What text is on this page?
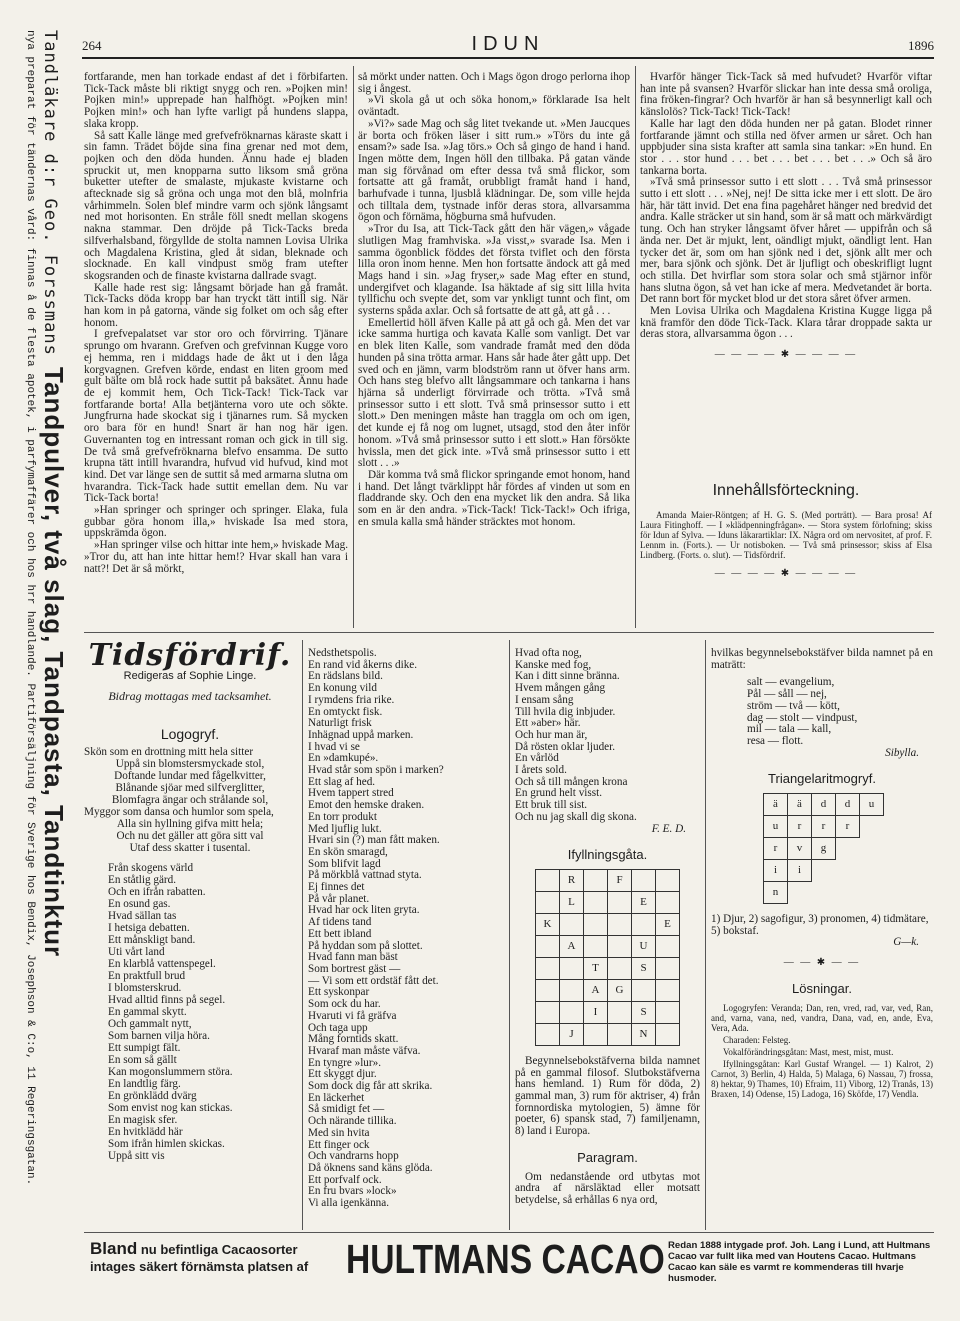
Tandläkare d:r Geo. Forssmans Tandpulver, två slag, Tandpasta, Tandtinktur
nya preparat för tändernas vård: finnas å de flesta apotek, i parfymaffärer och hos hrr handlande. Partiförsäljning för Sverige hos Bendix, Josephson & C:o, 11 Regeringsgatan.	264	IDUN	1896

fortfarande, men han torkade endast af det i förbifarten. Tick-Tack måste bli riktigt snygg och ren. »Pojken min! Pojken min!» upprepade han halfhögt. »Pojken min! Pojken min!» och han lyfte varligt på hundens slappa, slaka kropp.

Så satt Kalle länge med grefvefröknarnas käraste skatt i sin famn. Trädet böjde sina fina grenar ned mot dem, pojken och den döda hunden. Ännu hade ej bladen spruckit ut, men knopparna sutto liksom små gröna buketter utefter de smalaste, mjukaste kvistarne och aftecknade sig så gröna och unga mot den blå, molnfria vårhimmeln. Solen blef mindre varm och sjönk långsamt ned mot horisonten. En stråle föll snedt mellan skogens nakna stammar. Den dröjde på Tick-Tacks breda silfverhalsband, förgyllde de stolta namnen Lovisa Ulrika och Magdalena Kristina, gled åt sidan, bleknade och slocknade. En kall vindpust smög fram utefter skogsranden och de finaste kvistarna dallrade svagt.

Kalle hade rest sig: långsamt började han gå framåt. Tick-Tacks döda kropp bar han tryckt tätt intill sig. När han kom in på gatorna, vände sig folket om och såg efter honom.

I grefvepalatset var stor oro och förvirring. Tjänare sprungo om hvarann. Grefven och grefvinnan Kugge voro ej hemma, ren i middags hade de åkt ut i den låga korgvagnen. Grefven körde, endast en liten groom med gult bälte om blå rock hade suttit på baksätet. Ännu hade de ej kommit hem, Och Tick-Tack! Tick-Tack var fortfarande borta! Alla betjänterna voro ute och sökte. Jungfrurna hade skockat sig i tjänarnes rum. Så mycken oro bara för en hund! Snart är han nog här igen. Guvernanten tog en intressant roman och gick in till sig. De två små grefvefröknarna blefvo ensamma. De sutto krupna tätt intill hvarandra, hufvud vid hufvud, kind mot kind. Det var länge sen de suttit så med armarna slutna om hvarandra. Tick-Tack hade suttit emellan dem. Nu var Tick-Tack borta!

»Han springer och springer och springer. Elaka, fula gubbar göra honom illa,» hviskade Isa med stora, uppskrämda ögon.

»Han springer vilse och hittar inte hem,» hviskade Mag. »Tror du, att han inte hittar hem!? Hvar skall han vara i natt?! Det är så mörkt,

så mörkt under natten. Och i Mags ögon drogo perlorna ihop sig i ångest.

»Vi skola gå ut och söka honom,» förklarade Isa helt oväntadt.

»Vi?» sade Mag och såg litet tvekande ut. »Men Jaucques är borta och fröken läser i sitt rum.» »Törs du inte gå ensam?» sade Isa. »Jag törs.» Och så gingo de hand i hand. Ingen mötte dem, Ingen höll den tillbaka. På gatan vände man sig förvånad om efter dessa två små flickor, som fortsatte att gå framåt, orubbligt framåt hand i hand, barhufvade i tunna, ljusblå klädningar. De, som ville hejda och tilltala dem, tystnade inför deras stora, allvarsamma ögon och förnäma, högburna små hufvuden.

»Tror du Isa, att Tick-Tack gått den här vägen,» vågade slutligen Mag framhviska. »Ja visst,» svarade Isa. Men i samma ögonblick föddes det första tviflet och den första lilla oron inom henne. Men hon fortsatte ändock att gå med Mags hand i sin. »Jag fryser,» sade Mag efter en stund, undergifvet och klagande. Isa häktade af sig sitt lilla hvita tyllfichu och svepte det, som var ynkligt tunnt och fint, om systerns spåda axlar. Och så fortsatte de att gå, att gå . . .

Emellertid höll äfven Kalle på att gå och gå. Men det var icke samma hurtiga och kavata Kalle som vanligt. Det var en blek liten Kalle, som vandrade framåt med den döda hunden på sina trötta armar. Hans sår hade åter gått upp. Det sved och en jämn, varm blodström rann ut öfver hans arm. Och hans steg blefvo allt långsammare och tankarna i hans hjärna så underligt förvirrade och trötta. »Två små prinsessor sutto i ett slott. Två små prinsessor sutto i ett slott.» Den meningen måste han traggla om och om igen, det kunde ej få nog om lugnet, utsagd, stod den åter inför honom. »Två små prinsessor sutto i ett slott.» Han försökte hvissla, men det gick inte. »Två små prinsessor sutto i ett slott . . .»

Där komma två små flickor springande emot honom, hand i hand. Det långt tvärklippt hår fördes af vinden ut som en fladdrande sky. Och den ena mycket lik den andra. Så lika som en är den andra. »Tick-Tack! Tick-Tack!» Och ifriga, en smula kalla små händer sträcktes mot honom.

Hvarför hänger Tick-Tack så med hufvudet? Hvarför viftar han inte på svansen? Hvarför slickar han inte dessa små oroliga, fina fröken-fingrar? Och hvarför är han så besynnerligt kall och känslolös? Tick-Tack! Tick-Tack!

Kalle har lagt den döda hunden ner på gatan. Blodet rinner fortfarande jämnt och stilla ned öfver armen ur såret. Och han uppbjuder sina sista krafter att samla sina tankar: »En hund. En stor . . . stor hund . . . bet . . . bet . . . bet . . .» Och så äro tankarna borta.

»Två små prinsessor sutto i ett slott . . . Två små prinsessor sutto i ett slott . . . »Nej, nej! De sitta icke mer i ett slott. De äro här, här tätt invid. Det ena fina pagehåret hänger ned bredvid det andra. Kalle sträcker ut sin hand, som är så matt och märkvärdigt tung. Och han stryker långsamt öfver håret — uppifrån och så ända ner. Det är mjukt, lent, oändligt mjukt, oändligt lent. Han tycker det är, som om han sjönk ned i det, sjönk allt mer och mer, bara sjönk och sjönk. Det är ljufligt och obeskrifligt lugnt och stilla. Det hvirflar som stora solar och små stjärnor inför hans slutna ögon, så vet han icke af mera. Medvetandet är borta. Det rann bort för mycket blod ur det stora såret öfver armen.

Men Lovisa Ulrika och Magdalena Kristina Kugge ligga på knä framför den döde Tick-Tack. Klara tårar droppade sakta ur deras stora, allvarsamma ögon . . .

— — — — ✱ — — — —
Innehållsförteckning.
Amanda Maier-Röntgen; af H. G. S. (Med porträtt). — Bara prosa! Af Laura Fitinghoff. — I »klädpenningfrågan». — Stora system förlofning; skiss för Idun af Sylva. — Iduns läkarartiklar: IX. Några ord om nervositet, af prof. F. Lennm in. (Forts.). — Ur notisboken. — Två små prinsessor; skiss af Elsa Lindberg. (Forts. o. slut). — Tidsfördrif.
— — — — ✱ — — — —
Tidsfördrif.
Redigeras af Sophie Linge.
Bidrag mottagas med tacksamhet.
Logogryf.
Skön som en drottning mitt hela sitter
Uppå sin blomstersmyckade stol,
Doftande lundar med fågelkvitter,
Blånande sjöar med silfverglitter,
Blomfagra ängar och strålande sol,
Myggor som dansa och humlor som spela,
Alla sin hyllning gifva mitt hela;
Och nu det gäller att göra sitt val
Utaf dess skatter i tusental.
Från skogens värld
En ståtlig gärd.
Och en ifrån rabatten.
En osund gas.
Hvad sällan tas
I hetsiga debatten.
Ett månskligt band.
Uti vårt land
En klarblå vattenspegel.
En praktfull brud
I blomsterskrud.
Hvad alltid finns på segel.
En gammal skytt.
Och gammalt nytt,
Som barnen vilja höra.
Ett sumpigt fält.
En som så gällt
Kan mogonslummern störa.
En landtlig färg.
En grönklädd dvärg
Som envist nog kan stickas.
En magisk sfer.
En hvitklädd här
Som ifrån himlen skickas.
Uppå sitt vis
Nedsthetspolis.
En rand vid åkerns dike.
En rädslans bild.
En konung vild
I rymdens fria rike.
En omtyckt fisk.
Naturligt frisk
Inhägnad uppå marken.
I hvad vi se
En »damkupé».
Hvad står som spön i marken?
Ett slag af hed.
Hvem tappert stred
Emot den hemske draken.
En torr produkt
Med ljuflig lukt.
Hvari sin (?) man fått maken.
En skön smaragd,
Som blifvit lagd
På mörkblå vattnad styta.
Ej finnes det
På vår planet.
Hvad har ock liten gryta.
Af tidens tand
Ett bett ibland
På hyddan som på slottet.
Hvad fann man bäst
Som bortrest gäst —
— Vi som ett ordstäf fått det.
Ett syskonpar
Som ock du har.
Hvaruti vi få gräfva
Och taga upp
Mång forntids skatt.
Hvaraf man måste väfva.
En tyngre »lur».
Ett skyggt djur.
Som dock dig får att skrika.
En läckerhet
Så smidigt fet —
Och närande tillika.
Med sin hvita
Ett finger ock
Och vandrarns hopp
Då öknens sand käns glöda.
Ett porfvalf ock.
En fru bvars »lock»
Vi alla igenkänna.
Hvad ofta nog,
Kanske med fog,
Kan i ditt sinne bränna.
Hvem mången gång
I ensam sång
Till hvila dig inbjuder.
Ett »aber» här.
Och hur man är,
Då rösten oklar ljuder.
En vårlöd
I årets sold.
Och så till mången krona
En grund helt visst.
Ett bruk till sist.
Och nu jag skall dig skona.
F. E. D.
Ifyllningsgåta.
	R		F		
	L			E	
K					E
	A			U	
		T		S	
		A	G		
		I		S	
	J			N	
Begynnelsebokstäfverna bilda namnet på en gammal filosof. Slutbokstäfverna hans hemland. 1) Rum för döda, 2) gammal man, 3) rum för aktriser, 4) från fornnordiska mytologien, 5) ämne för poeter, 6) spansk stad, 7) familjenamn, 8) land i Europa.
Paragram.
Om nedanstående ord utbytas mot andra af närsläktad eller motsatt betydelse, så erhållas 6 nya ord,
hvilkas begynnelsebokstäfver bilda namnet på en maträtt:
salt — evangelium,
Pål — såll — nej,
ström — två — kött,
dag — stolt — vindpust,
mil — tala — kall,
resa — flott.
Sibylla.
Triangelaritmogryf.
ä	ä	d	d	u
u	r	r	r	
r	v	g		
i	i			
n				
1) Djur, 2) sagofigur, 3) pronomen, 4) tidmätare, 5) bokstaf.
G—k.
— — ✱ — —
Lösningar.
Logogryfen: Veranda; Dan, ren, vred, rad, var, ved, Ran, and, varna, vana, ned, vandra, Dana, vad, en, ande, Eva, Vera, Ada.
Charaden: Felsteg.
Vokalförändringsgåtan: Mast, mest, mist, must.
Ifyllningsgåtan: Karl Gustaf Wrangel. — 1) Kalrot, 2) Carnot, 3) Berlin, 4) Halda, 5) Malaga, 6) Nassau, 7) frossa, 8) hektar, 9) Thames, 10) Efraim, 11) Viborg, 12) Tranås, 13) Braxen, 14) Odense, 15) Ladoga, 16) Sköfde, 17) Vendla.
Bland nu befintliga Cacaosorter
intages säkert förnämsta platsen af HULTMANS CACAO Redan 1888 intygade prof. Joh. Lang i Lund, att Hultmans Cacao var fullt lika med van Houtens Cacao. Hultmans Cacao kan säle es varmt re kommenderas till hvarje husmoder.
